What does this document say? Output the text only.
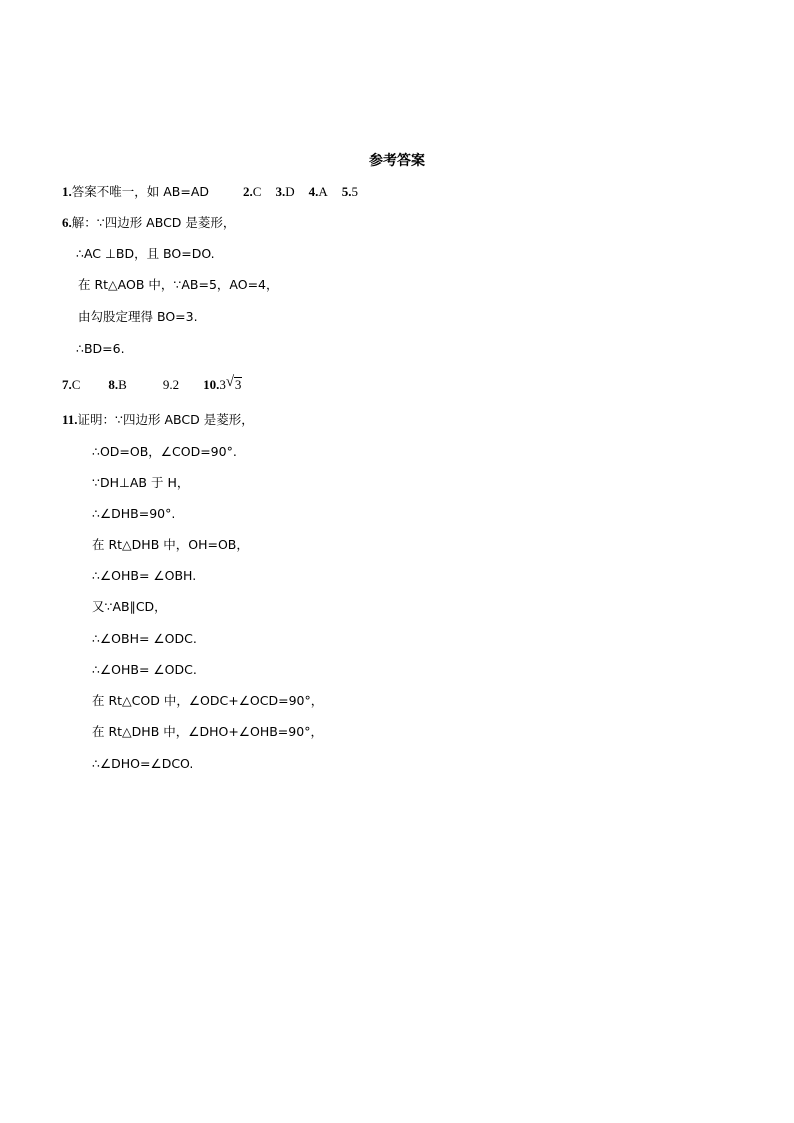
参考答案
1.答案不唯一，如 AB=AD	2.C 3.D 4.A 5.5
6.解：∵四边形 ABCD 是菱形，
∴AC ⊥BD，且 BO=DO.
在 Rt△AOB 中，∵AB=5，AO=4，
由勾股定理得 BO=3.
∴BD=6.
7.C 8.B	9.2 10.3 √ 3
11.证明：∵四边形 ABCD 是菱形，
∴OD=OB，∠COD=90°.
∵DH⊥AB 于 H，
∴∠DHB=90°.
在 Rt△DHB 中，OH=OB，
∴∠OHB= ∠OBH.
又∵AB∥CD，
∴∠OBH= ∠ODC.
∴∠OHB= ∠ODC.
在 Rt△COD 中，∠ODC+∠OCD=90°，
在 Rt△DHB 中，∠DHO+∠OHB=90°，
∴∠DHO=∠DCO.
